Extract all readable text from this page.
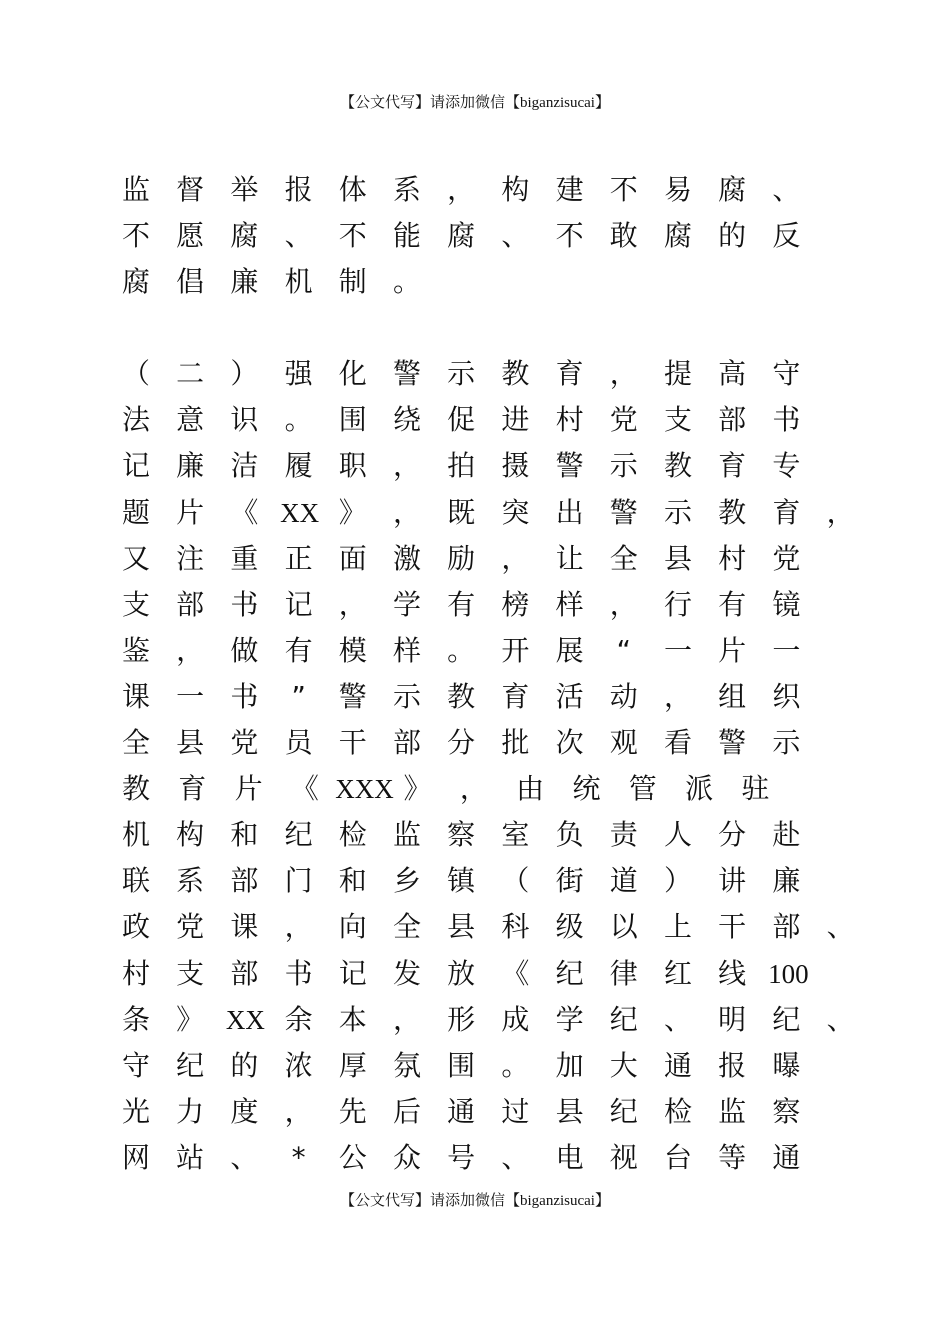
【公文代写】请添加微信【biganzisucai】
监 督 举 报 体 系 ， 构 建 不 易 腐 、
不 愿 腐 、 不 能 腐 、 不 敢 腐 的 反
腐 倡 廉 机 制 。
（ 二 ） 强 化 警 示 教 育 ， 提 高 守
法 意 识 。 围 绕 促 进 村 党 支 部 书
记 廉 洁 履 职 ， 拍 摄 警 示 教 育 专
题 片 《 XX 》 ， 既 突 出 警 示 教 育 ，
又 注 重 正 面 激 励 ， 让 全 县 村 党
支 部 书 记 ， 学 有 榜 样 ， 行 有 镜
鉴 ， 做 有 模 样 。 开 展	“	一 片 一
课 一 书	”	警 示 教 育 活 动 ， 组 织
全 县 党 员 干 部 分 批 次 观 看 警 示
教 育 片 《 XXX 》 ， 由 统 管 派 驻
机 构 和 纪 检 监 察 室 负 责 人 分 赴
联 系 部 门 和 乡 镇 （ 街 道 ） 讲 廉
政 党 课 ， 向 全 县 科 级 以 上 干 部 、
村 支 部 书 记 发 放 《 纪 律 红 线 100
条 》 XX 余 本 ， 形 成 学 纪 、 明 纪 、
守 纪 的 浓 厚 氛 围 。 加 大 通 报 曝
光 力 度 ， 先 后 通 过 县 纪 检 监 察
网 站 、	*	公 众 号 、 电 视 台 等 通
【公文代写】请添加微信【biganzisucai】
